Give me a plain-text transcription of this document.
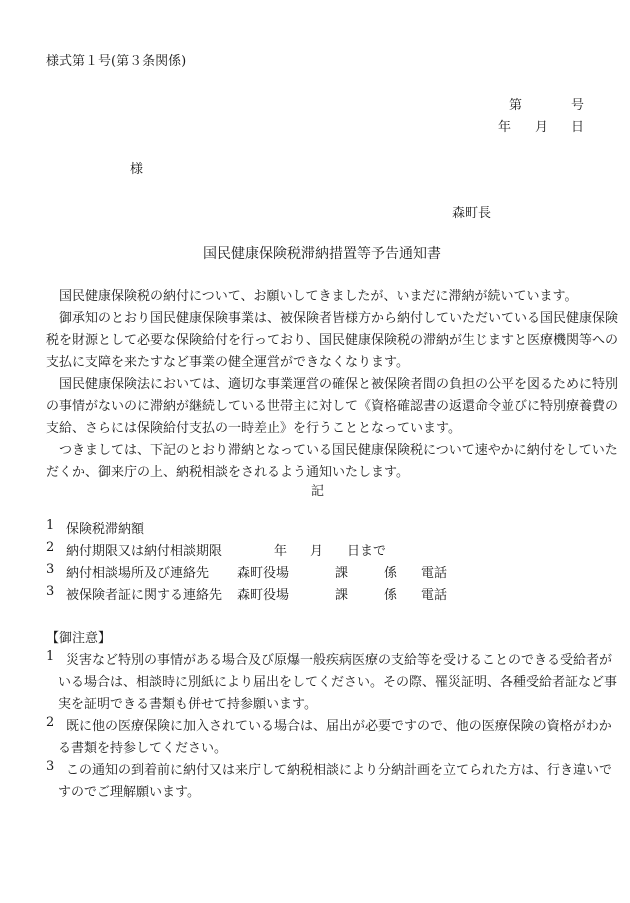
様式第１号(第３条関係)
第	号
年 月 日
様
森町長
国民健康保険税滞納措置等予告通知書
国民健康保険税の納付について、お願いしてきましたが、いまだに滞納が続いています。
御承知のとおり国民健康保険事業は、被保険者皆様方から納付していただいている国民健康保険
税を財源として必要な保険給付を行っており、国民健康保険税の滞納が生じますと医療機関等への
支払に支障を来たすなど事業の健全運営ができなくなります。
国民健康保険法においては、適切な事業運営の確保と被保険者間の負担の公平を図るために特別
の事情がないのに滞納が継続している世帯主に対して《資格確認書の返還命令並びに特別療養費の
支給、さらには保険給付支払の一時差止》を行うこととなっています。
つきましては、下記のとおり滞納となっている国民健康保険税について速やかに納付をしていた
だくか、御来庁の上、納税相談をされるよう通知いたします。
記
1 保険税滞納額
2 納付期限又は納付相談期限	年 月 日まで
3 納付相談場所及び連絡先 森町役場	課	係 電話
3 被保険者証に関する連絡先 森町役場	課	係 電話
【御注意】
1 災害など特別の事情がある場合及び原爆一般疾病医療の支給等を受けることのできる受給者が
いる場合は、相談時に別紙により届出をしてください。その際、罹災証明、各種受給者証など事
実を証明できる書類も併せて持参願います。
2 既に他の医療保険に加入されている場合は、届出が必要ですので、他の医療保険の資格がわか
る書類を持参してください。
3 この通知の到着前に納付又は来庁して納税相談により分納計画を立てられた方は、行き違いで
すのでご理解願います。
